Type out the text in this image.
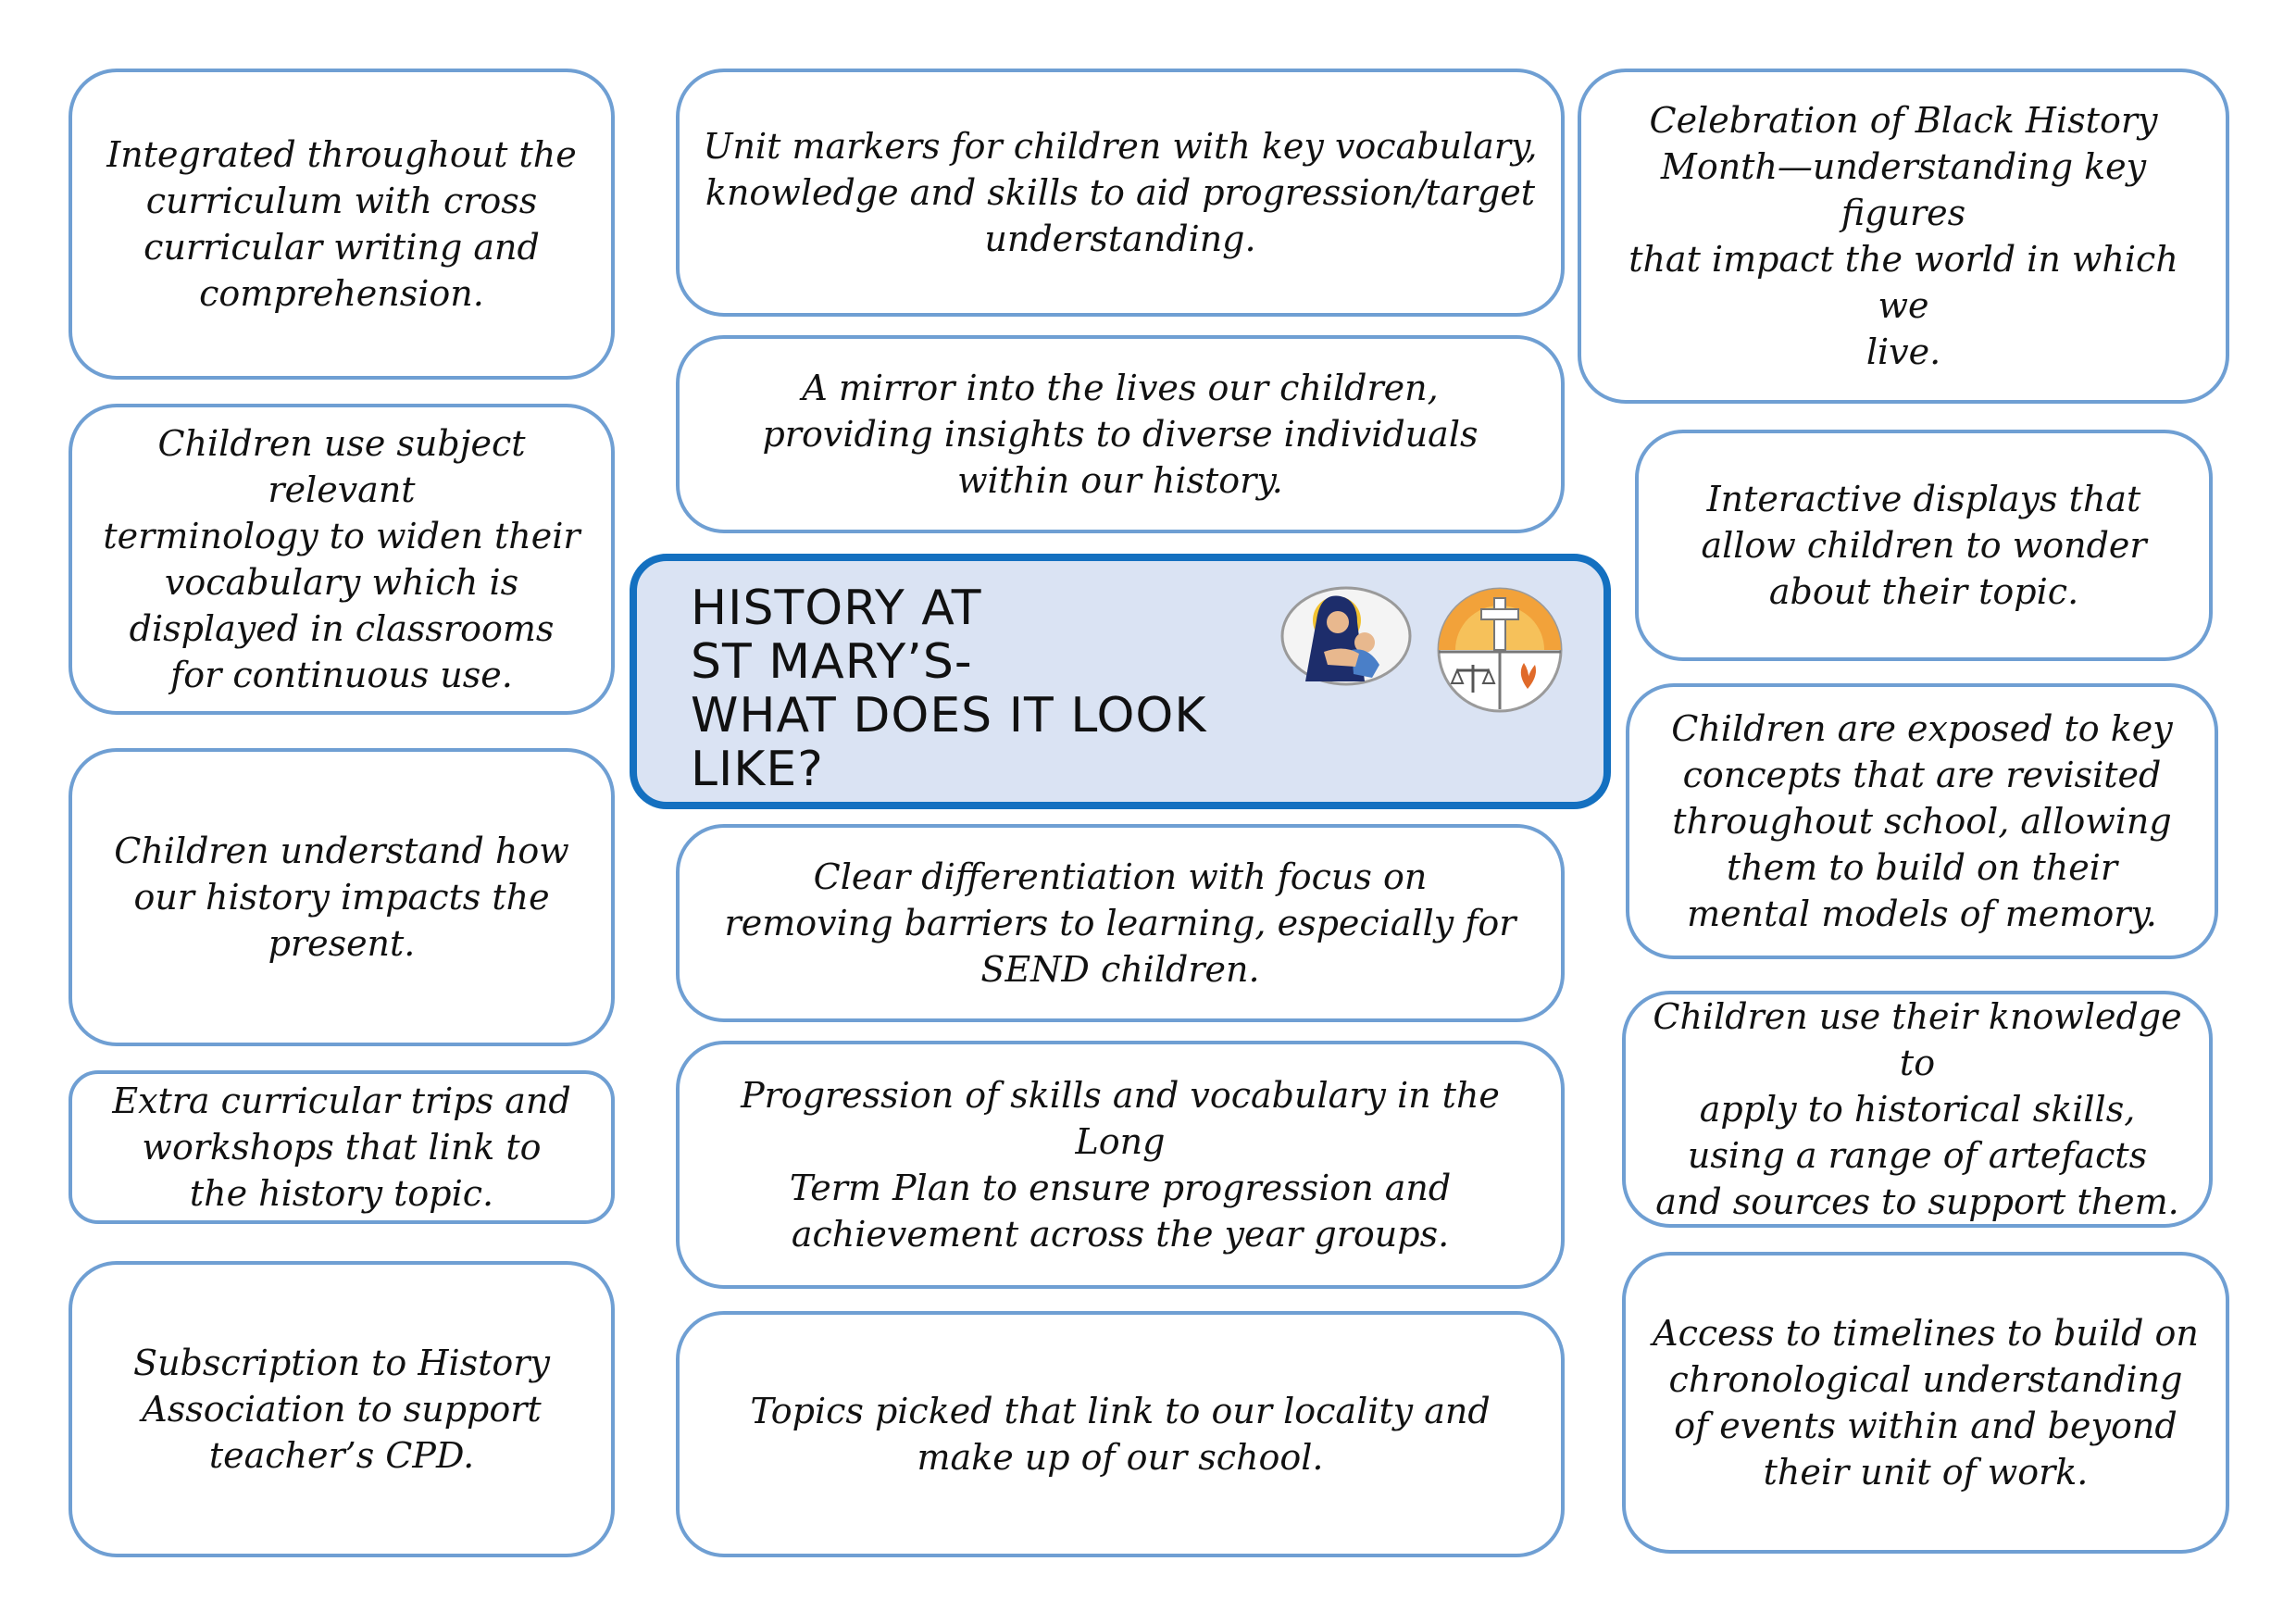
Integrated throughout the
curriculum with cross
curricular writing and
comprehension.

Children use subject relevant
terminology to widen their
vocabulary which is
displayed in classrooms
for continuous use.

Children understand how
our history impacts the
present.

Extra curricular trips and
workshops that link to
the history topic.

Subscription to History
Association to support
teacher’s CPD.

Unit markers for children with key vocabulary,
knowledge and skills to aid progression/target
understanding.

A mirror into the lives our children,
providing insights to diverse individuals
within our history.

HISTORY AT
ST MARY’S-
WHAT DOES IT LOOK
LIKE?

Clear differentiation with focus on
removing barriers to learning, especially for
SEND children.

Progression of skills and vocabulary in the Long
Term Plan to ensure progression and
achievement across the year groups.

Topics picked that link to our locality and
make up of our school.

Celebration of Black History
Month—understanding key figures
that impact the world in which we
live.

Interactive displays that
allow children to wonder
about their topic.

Children are exposed to key
concepts that are revisited
throughout school, allowing
them to build on their
mental models of memory.

Children use their knowledge to
apply to historical skills,
using a range of artefacts
and sources to support them.

Access to timelines to build on
chronological understanding
of events within and beyond
their unit of work.
